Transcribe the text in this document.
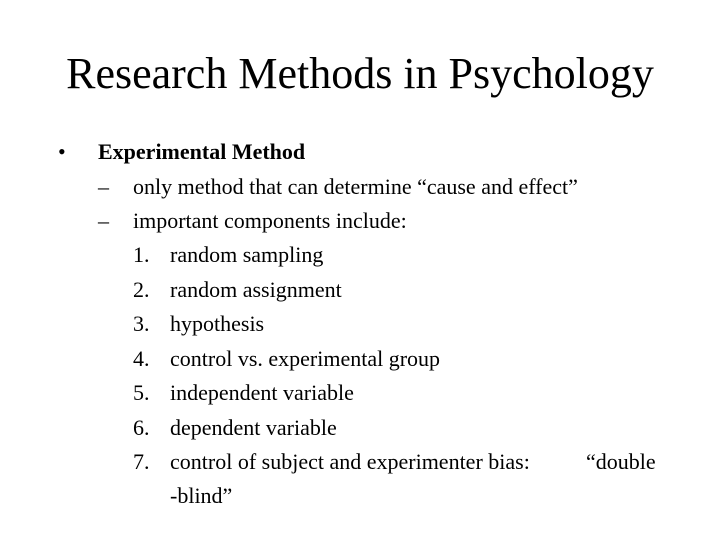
Research Methods in Psychology
• Experimental Method
– only method that can determine “cause and effect”
– important components include:
1. random sampling
2. random assignment
3. hypothesis
4. control vs. experimental group
5. independent variable
6. dependent variable
7. control of subject and experimenter bias:	“double
-blind”
